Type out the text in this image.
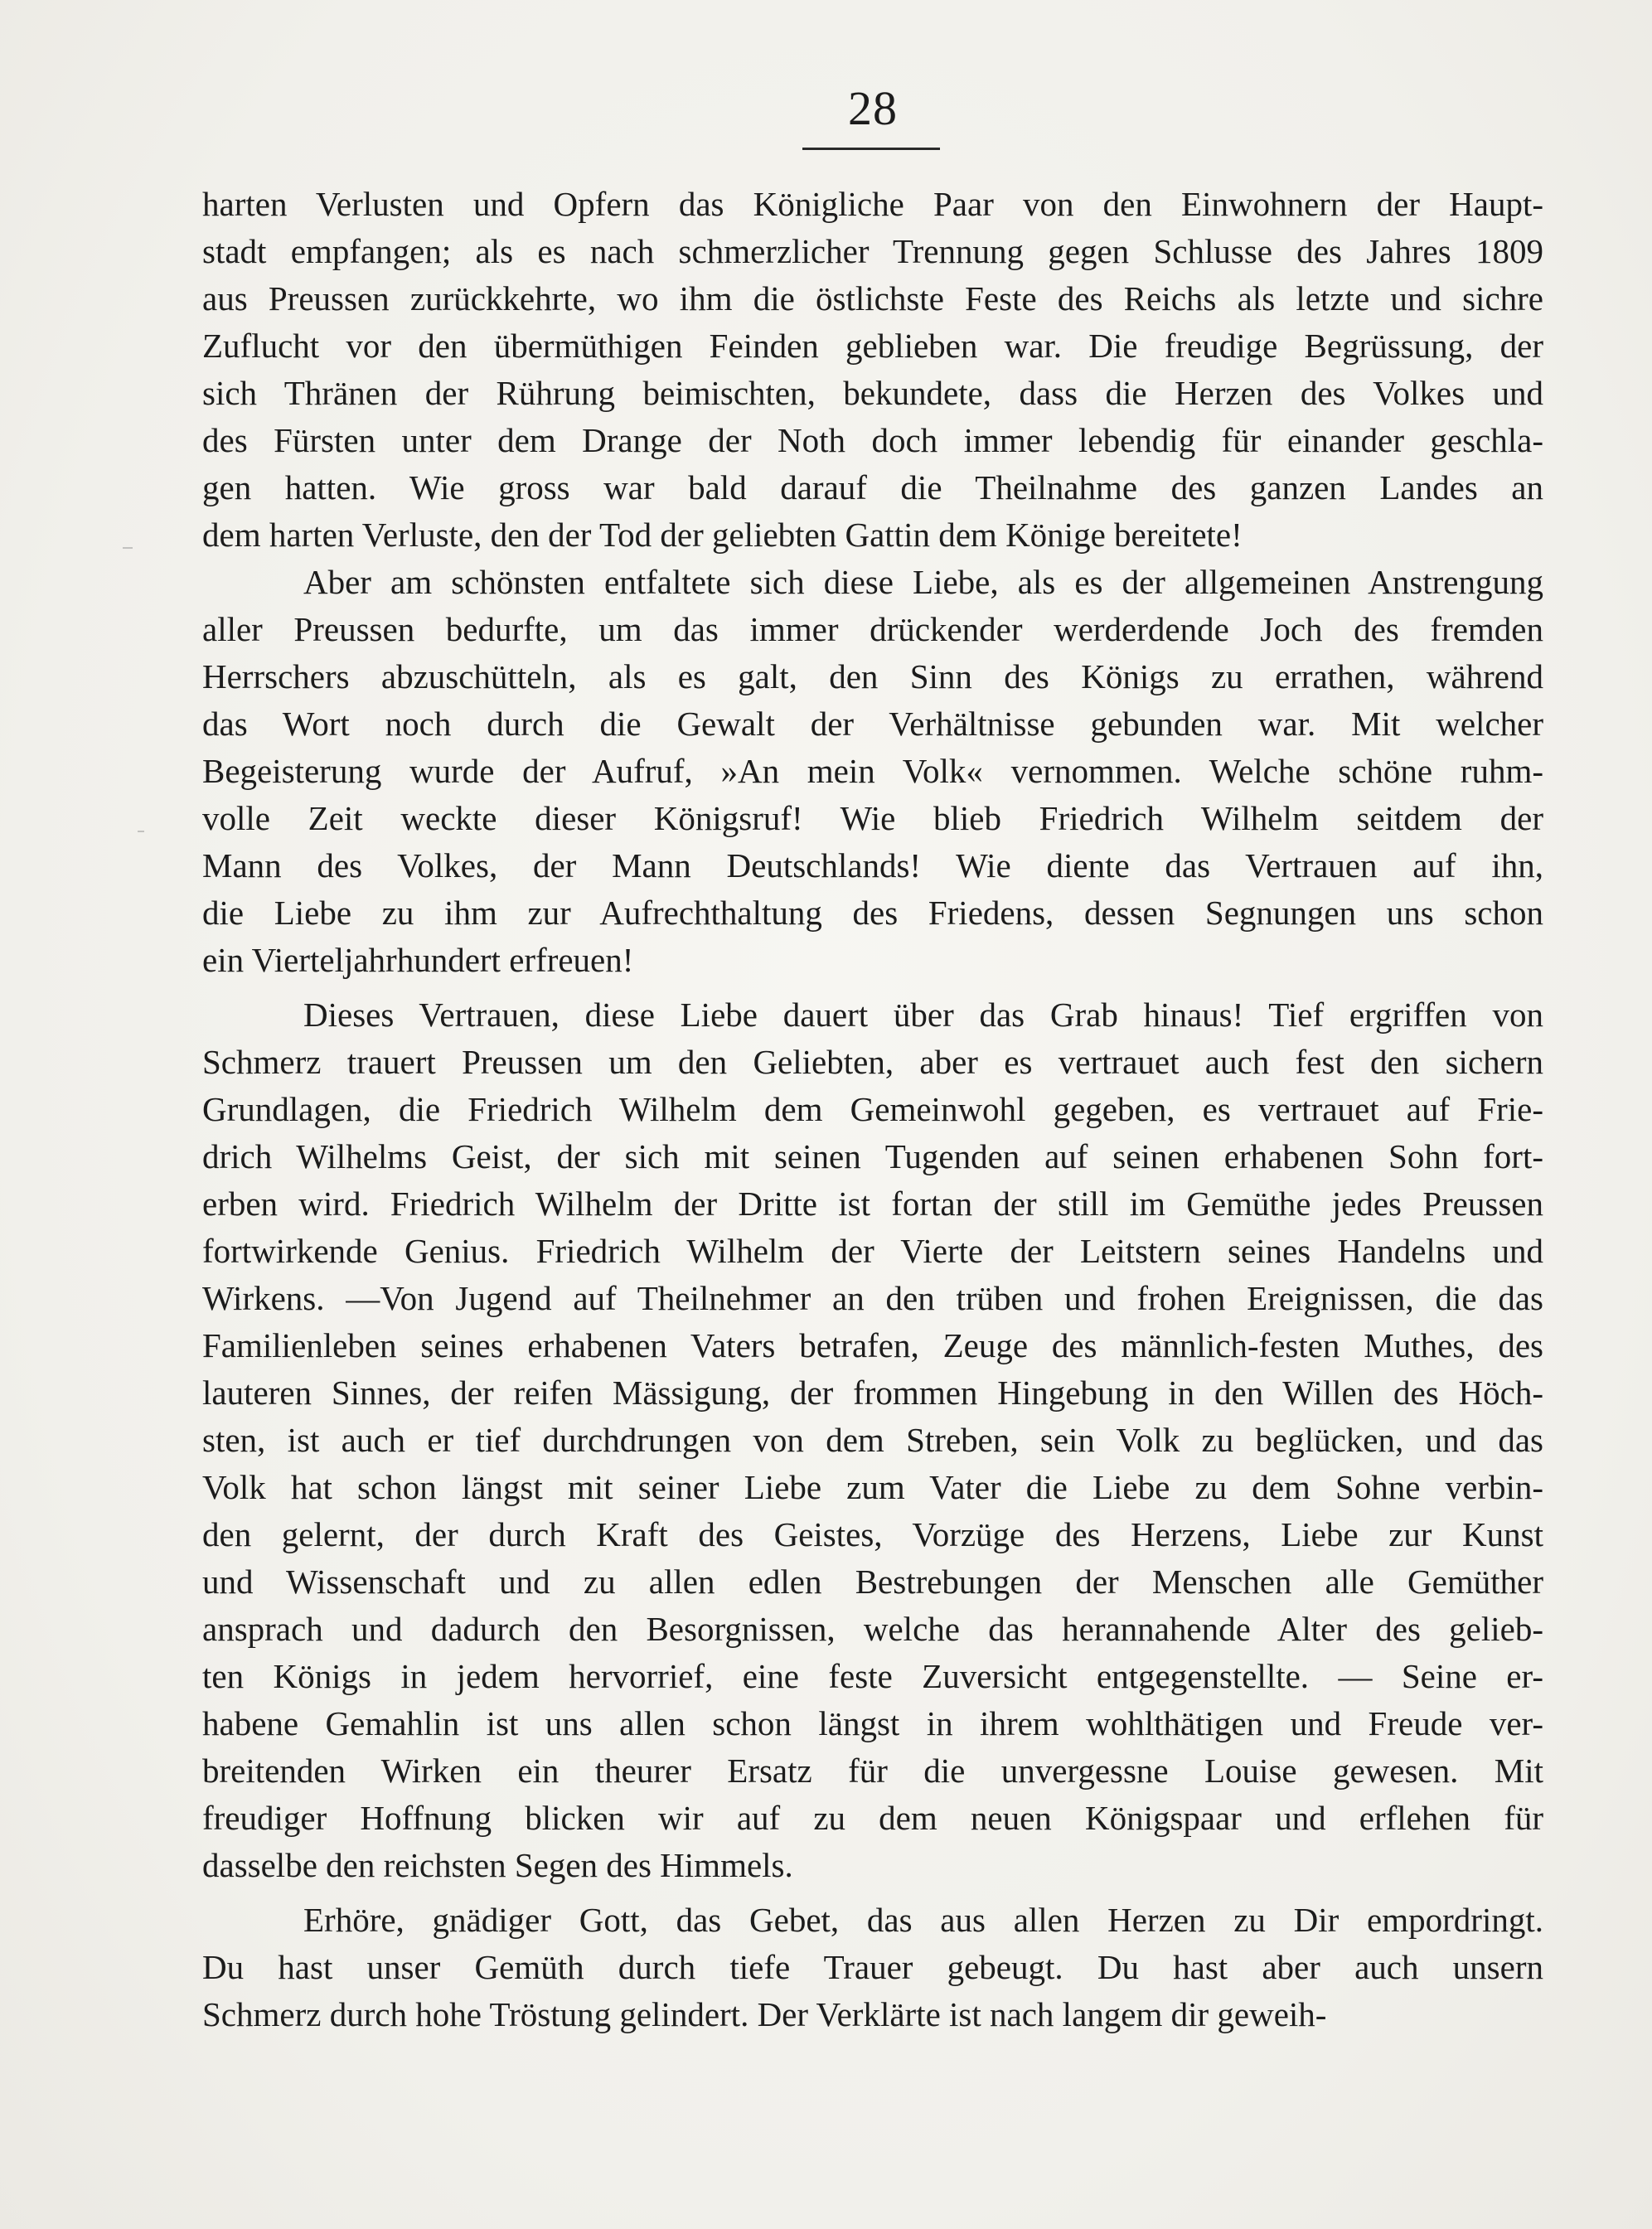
28
harten Verlusten und Opfern das Königliche Paar von den Einwohnern der Haupt-
stadt empfangen; als es nach schmerzlicher Trennung gegen Schlusse des Jahres 1809
aus Preussen zurückkehrte, wo ihm die östlichste Feste des Reichs als letzte und sichre
Zuflucht vor den übermüthigen Feinden geblieben war. Die freudige Begrüssung, der
sich Thränen der Rührung beimischten, bekundete, dass die Herzen des Volkes und
des Fürsten unter dem Drange der Noth doch immer lebendig für einander geschla-
gen hatten. Wie gross war bald darauf die Theilnahme des ganzen Landes an
dem harten Verluste, den der Tod der geliebten Gattin dem Könige bereitete!
Aber am schönsten entfaltete sich diese Liebe, als es der allgemeinen Anstrengung
aller Preussen bedurfte, um das immer drückender werderdende Joch des fremden
Herrschers abzuschütteln, als es galt, den Sinn des Königs zu errathen, während
das Wort noch durch die Gewalt der Verhältnisse gebunden war. Mit welcher
Begeisterung wurde der Aufruf, »An mein Volk« vernommen. Welche schöne ruhm-
volle Zeit weckte dieser Königsruf! Wie blieb Friedrich Wilhelm seitdem der
Mann des Volkes, der Mann Deutschlands! Wie diente das Vertrauen auf ihn,
die Liebe zu ihm zur Aufrechthaltung des Friedens, dessen Segnungen uns schon
ein Vierteljahrhundert erfreuen!
Dieses Vertrauen, diese Liebe dauert über das Grab hinaus! Tief ergriffen von
Schmerz trauert Preussen um den Geliebten, aber es vertrauet auch fest den sichern
Grundlagen, die Friedrich Wilhelm dem Gemeinwohl gegeben, es vertrauet auf Frie-
drich Wilhelms Geist, der sich mit seinen Tugenden auf seinen erhabenen Sohn fort-
erben wird. Friedrich Wilhelm der Dritte ist fortan der still im Gemüthe jedes Preussen
fortwirkende Genius. Friedrich Wilhelm der Vierte der Leitstern seines Handelns und
Wirkens. —Von Jugend auf Theilnehmer an den trüben und frohen Ereignissen, die das
Familienleben seines erhabenen Vaters betrafen, Zeuge des männlich-festen Muthes, des
lauteren Sinnes, der reifen Mässigung, der frommen Hingebung in den Willen des Höch-
sten, ist auch er tief durchdrungen von dem Streben, sein Volk zu beglücken, und das
Volk hat schon längst mit seiner Liebe zum Vater die Liebe zu dem Sohne verbin-
den gelernt, der durch Kraft des Geistes, Vorzüge des Herzens, Liebe zur Kunst
und Wissenschaft und zu allen edlen Bestrebungen der Menschen alle Gemüther
ansprach und dadurch den Besorgnissen, welche das herannahende Alter des gelieb-
ten Königs in jedem hervorrief, eine feste Zuversicht entgegenstellte. — Seine er-
habene Gemahlin ist uns allen schon längst in ihrem wohlthätigen und Freude ver-
breitenden Wirken ein theurer Ersatz für die unvergessne Louise gewesen. Mit
freudiger Hoffnung blicken wir auf zu dem neuen Königspaar und erflehen für
dasselbe den reichsten Segen des Himmels.
Erhöre, gnädiger Gott, das Gebet, das aus allen Herzen zu Dir empordringt.
Du hast unser Gemüth durch tiefe Trauer gebeugt. Du hast aber auch unsern
Schmerz durch hohe Tröstung gelindert. Der Verklärte ist nach langem dir geweih-
